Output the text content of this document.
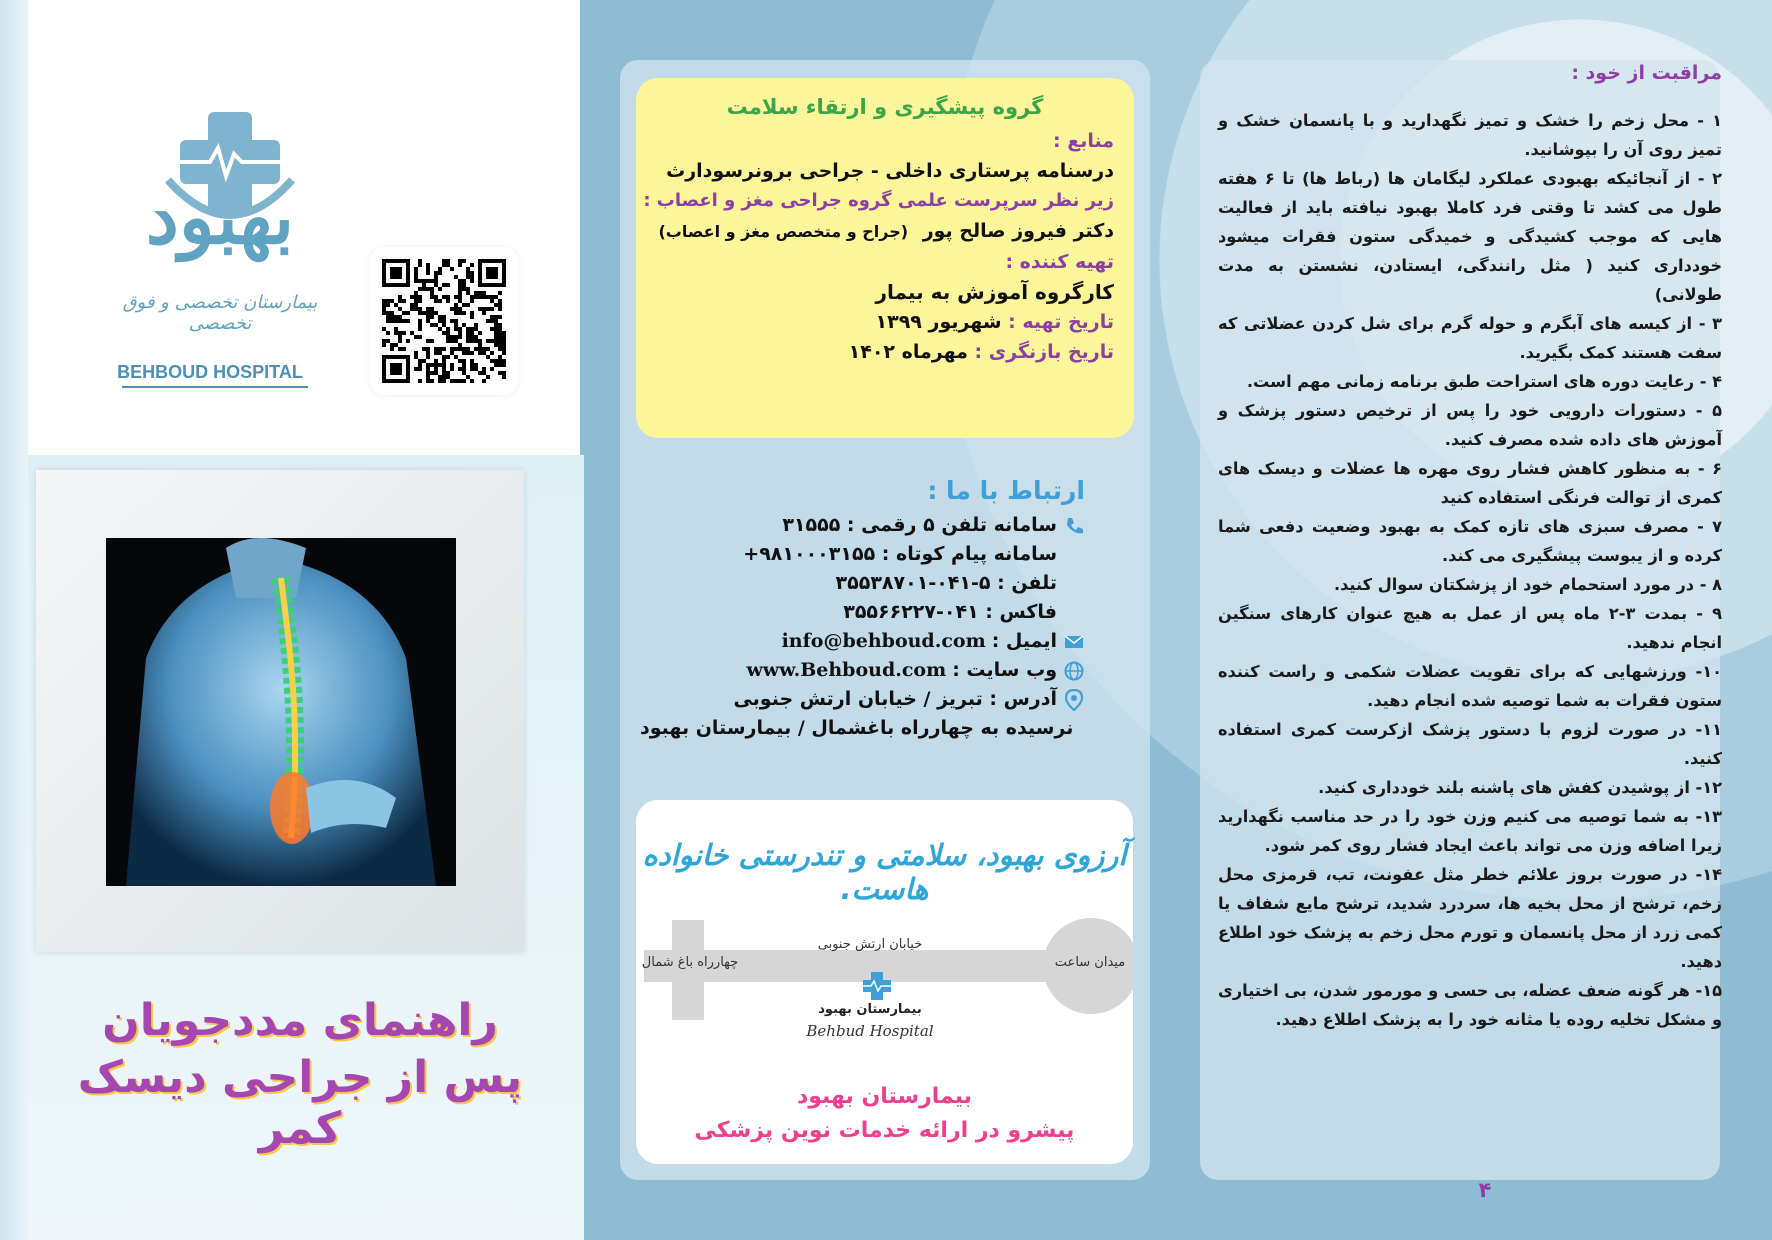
بهبود
بیمارستان تخصصی و فوق تخصصی
BEHBOUD HOSPITAL
راهنمای مددجویان
پس از جراحی دیسک کمر
گروه پیشگیری و ارتقاء سلامت
منابع :
درسنامه پرستاری داخلی - جراحی برونرسودارث
زیر نظر سرپرست علمی گروه جراحی مغز و اعصاب :
دکتر فیروز صالح پور (جراح و متخصص مغز و اعصاب)
تهیه کننده :
کارگروه آموزش به بیمار
تاریخ تهیه : شهریور ۱۳۹۹
تاریخ بازنگری : مهرماه ۱۴۰۲
ارتباط با ما :
سامانه تلفن ۵ رقمی : ۳۱۵۵۵
سامانه پیام کوتاه : ۹۸۱۰۰۰۳۱۵۵+
تلفن : ۵-۰۴۱-۳۵۵۳۸۷۰۱
فاکس : ۰۴۱-۳۵۵۶۶۲۲۷
ایمیل :
info@behboud.com
وب سایت :
www.Behboud.com
آدرس : تبریز / خیابان ارتش جنوبی
نرسیده به چهارراه باغشمال / بیمارستان بهبود
آرزوی بهبود، سلامتی و تندرستی خانواده هاست.
خیابان ارتش جنوبی
میدان ساعت
چهارراه باغ شمال
بیمارستان بهبود
Behbud Hospital
بیمارستان بهبود
پیشرو در ارائه خدمات نوین پزشکی
مراقبت از خود :
۱ - محل زخم را خشک و تمیز نگهدارید و با پانسمان خشک و تمیز روی آن را بپوشانید.
۲ - از آنجائیکه بهبودی عملکرد لیگامان ها (رباط ها) تا ۶ هفته طول می کشد تا وقتی فرد کاملا بهبود نیافته باید از فعالیت هایی که موجب کشیدگی و خمیدگی ستون فقرات میشود خودداری کنید ( مثل رانندگی، ایستادن، نشستن به مدت طولانی)
۳ - از کیسه های آبگرم و حوله گرم برای شل کردن عضلاتی که سفت هستند کمک بگیرید.
۴ - رعایت دوره های استراحت طبق برنامه زمانی مهم است.
۵ - دستورات دارویی خود را پس از ترخیص دستور پزشک و آموزش های داده شده مصرف کنید.
۶ - به منظور کاهش فشار روی مهره ها عضلات و دیسک های کمری از توالت فرنگی استفاده کنید
۷ - مصرف سبزی های تازه کمک به بهبود وضعیت دفعی شما کرده و از یبوست پیشگیری می کند.
۸ - در مورد استحمام خود از پزشکتان سوال کنید.
۹ - بمدت ۳-۲ ماه پس از عمل به هیچ عنوان کارهای سنگین انجام ندهید.
۱۰- ورزشهایی که برای تقویت عضلات شکمی و راست کننده ستون فقرات به شما توصیه شده انجام دهید.
۱۱- در صورت لزوم با دستور پزشک ازکرست کمری استفاده کنید.
۱۲- از پوشیدن کفش های پاشنه بلند خودداری کنید.
۱۳- به شما توصیه می کنیم وزن خود را در حد مناسب نگهدارید زیرا اضافه وزن می تواند باعث ایجاد فشار روی کمر شود.
۱۴- در صورت بروز علائم خطر مثل عفونت، تب، قرمزی محل زخم، ترشح از محل بخیه ها، سردرد شدید، ترشح مایع شفاف یا کمی زرد از محل پانسمان و تورم محل زخم به پزشک خود اطلاع دهید.
۱۵- هر گونه ضعف عضله، بی حسی و مورمور شدن، بی اختیاری و مشکل تخلیه روده یا مثانه خود را به پزشک اطلاع دهید.
۴
